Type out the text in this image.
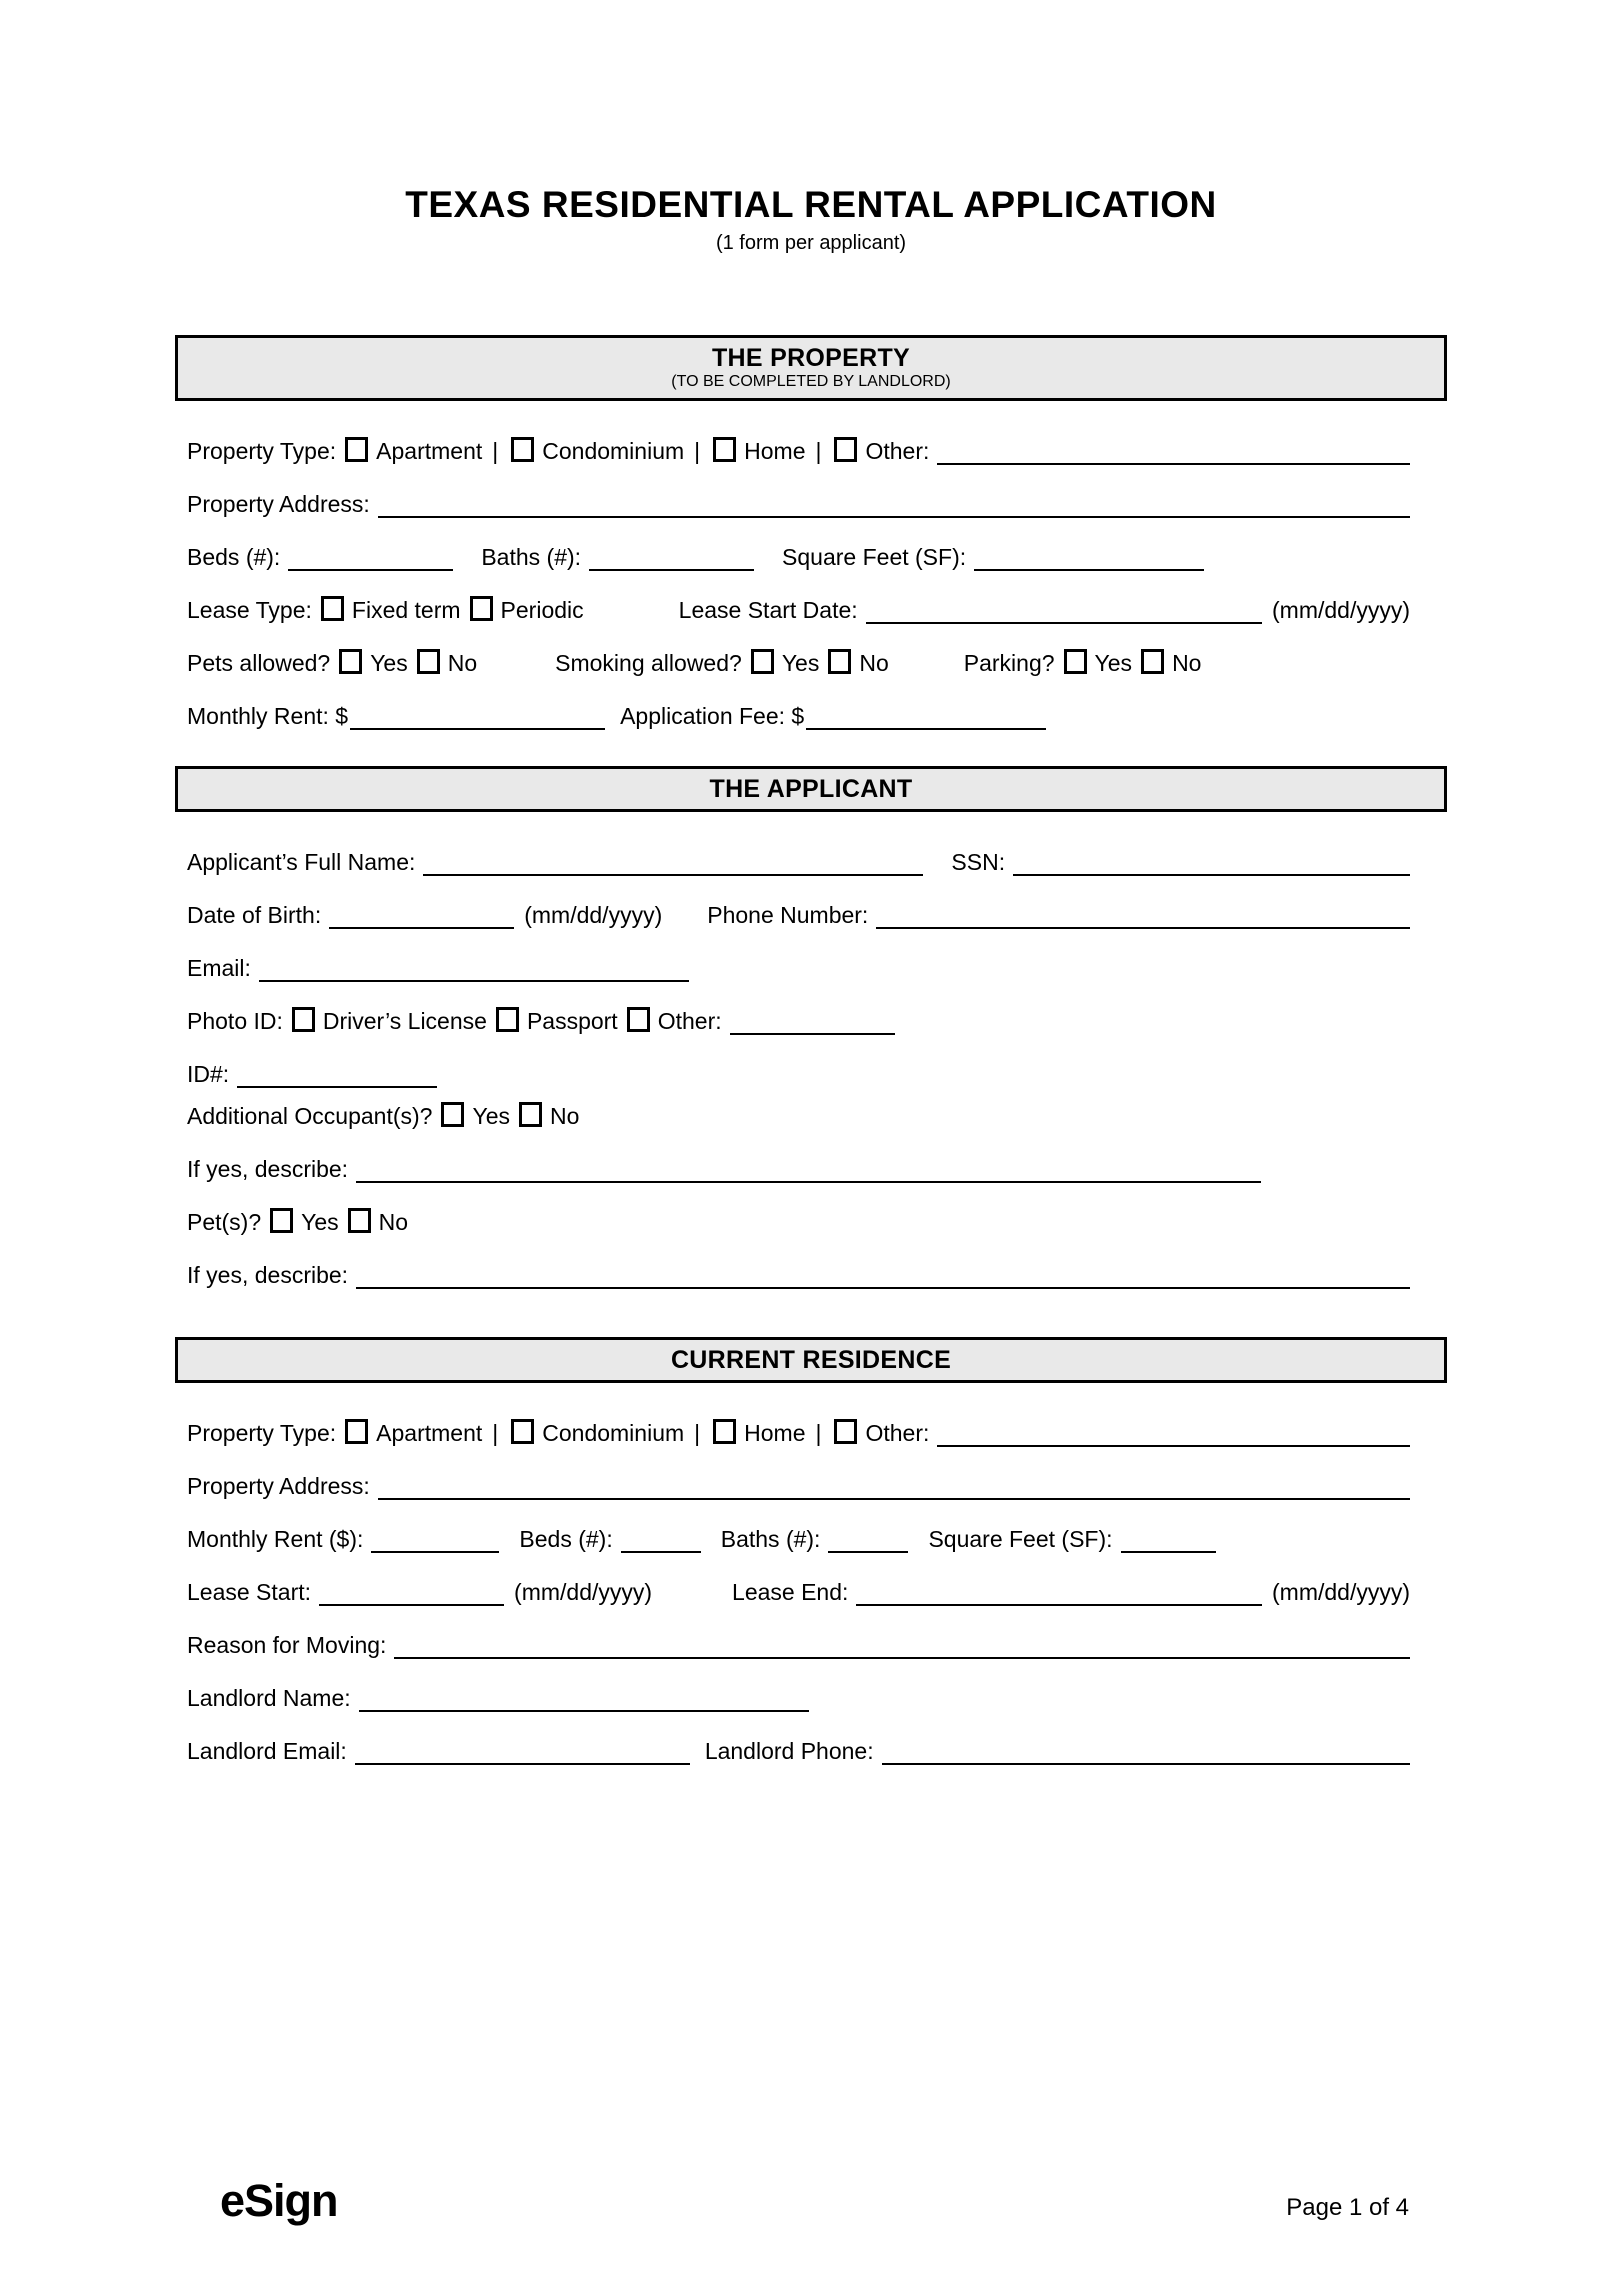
TEXAS RESIDENTIAL RENTAL APPLICATION
(1 form per applicant)
THE PROPERTY
(TO BE COMPLETED BY LANDLORD)
Property Type: Apartment | Condominium | Home | Other:
Property Address:
Beds (#):	Baths (#):	Square Feet (SF):
Lease Type: Fixed term Periodic	Lease Start Date:	(mm/dd/yyyy)
Pets allowed? Yes No	Smoking allowed? Yes No	Parking? Yes No
Monthly Rent: $	Application Fee: $
THE APPLICANT
Applicant’s Full Name:	SSN:
Date of Birth:	(mm/dd/yyyy) Phone Number:
Email:
Photo ID: Driver’s License Passport Other:
ID#:
Additional Occupant(s)? Yes No
If yes, describe:
Pet(s)? Yes No
If yes, describe:
CURRENT RESIDENCE
Property Type: Apartment | Condominium | Home | Other:
Property Address:
Monthly Rent ($):	Beds (#):	Baths (#):	Square Feet (SF):
Lease Start:	(mm/dd/yyyy)	Lease End:	(mm/dd/yyyy)
Reason for Moving:
Landlord Name:
Landlord Email:	Landlord Phone:
eSign	Page 1 of 4
